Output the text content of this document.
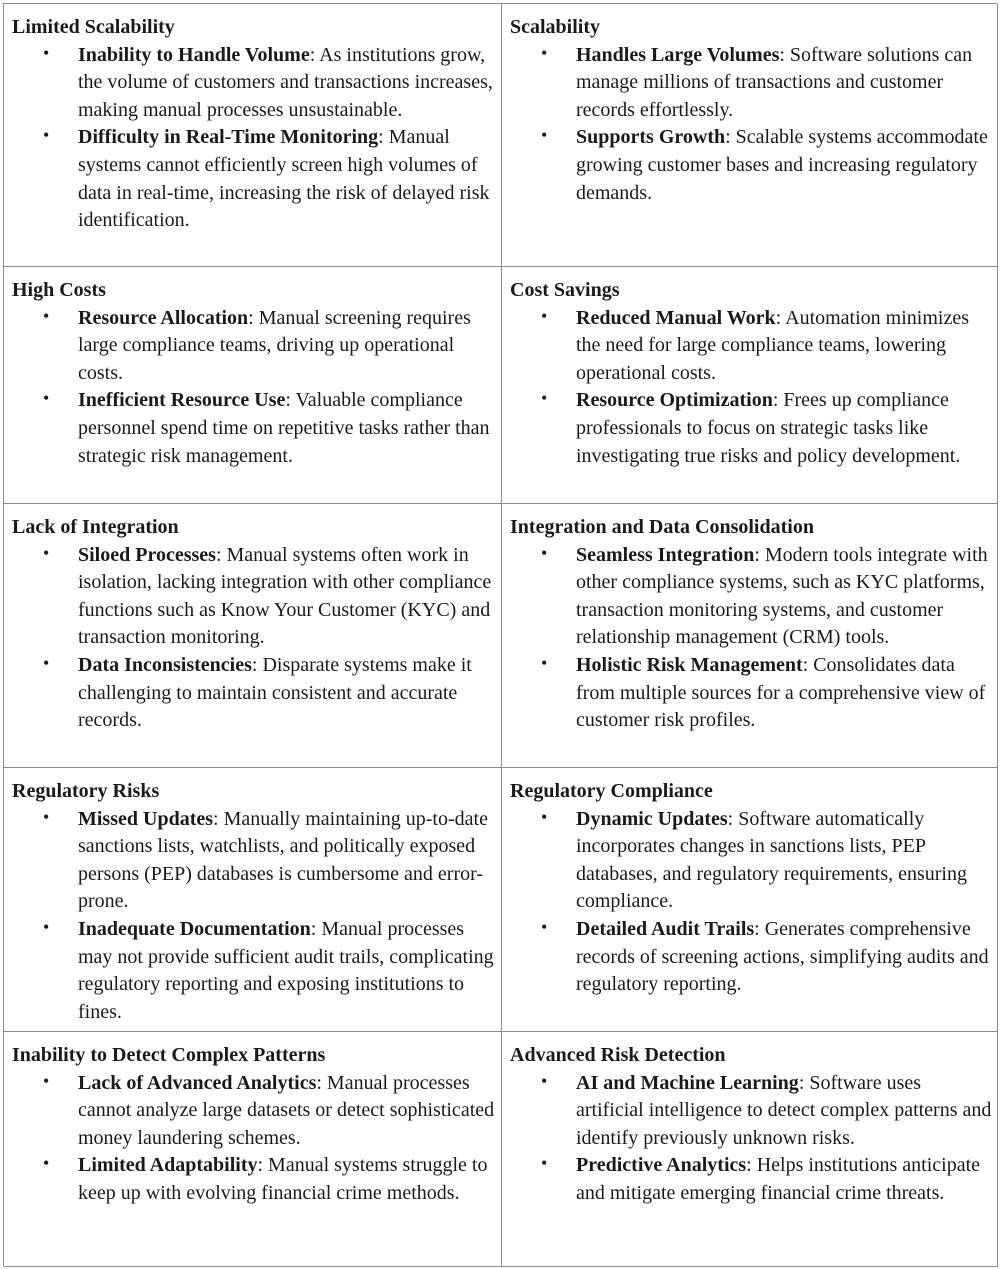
Limited Scalability
• Inability to Handle Volume: As institutions grow, the volume of customers and transactions increases, making manual processes unsustainable.
• Difficulty in Real-Time Monitoring: Manual systems cannot efficiently screen high volumes of data in real-time, increasing the risk of delayed risk identification.
Scalability
• Handles Large Volumes: Software solutions can manage millions of transactions and customer records effortlessly.
• Supports Growth: Scalable systems accommodate growing customer bases and increasing regulatory demands.
High Costs
• Resource Allocation: Manual screening requires large compliance teams, driving up operational costs.
• Inefficient Resource Use: Valuable compliance personnel spend time on repetitive tasks rather than strategic risk management.
Cost Savings
• Reduced Manual Work: Automation minimizes the need for large compliance teams, lowering operational costs.
• Resource Optimization: Frees up compliance professionals to focus on strategic tasks like investigating true risks and policy development.
Lack of Integration
• Siloed Processes: Manual systems often work in isolation, lacking integration with other compliance functions such as Know Your Customer (KYC) and transaction monitoring.
• Data Inconsistencies: Disparate systems make it challenging to maintain consistent and accurate records.
Integration and Data Consolidation
• Seamless Integration: Modern tools integrate with other compliance systems, such as KYC platforms, transaction monitoring systems, and customer relationship management (CRM) tools.
• Holistic Risk Management: Consolidates data from multiple sources for a comprehensive view of customer risk profiles.
Regulatory Risks
• Missed Updates: Manually maintaining up-to-date sanctions lists, watchlists, and politically exposed persons (PEP) databases is cumbersome and error-prone.
• Inadequate Documentation: Manual processes may not provide sufficient audit trails, complicating regulatory reporting and exposing institutions to fines.
Regulatory Compliance
• Dynamic Updates: Software automatically incorporates changes in sanctions lists, PEP databases, and regulatory requirements, ensuring compliance.
• Detailed Audit Trails: Generates comprehensive records of screening actions, simplifying audits and regulatory reporting.
Inability to Detect Complex Patterns
• Lack of Advanced Analytics: Manual processes cannot analyze large datasets or detect sophisticated money laundering schemes.
• Limited Adaptability: Manual systems struggle to keep up with evolving financial crime methods.
Advanced Risk Detection
• AI and Machine Learning: Software uses artificial intelligence to detect complex patterns and identify previously unknown risks.
• Predictive Analytics: Helps institutions anticipate and mitigate emerging financial crime threats.
